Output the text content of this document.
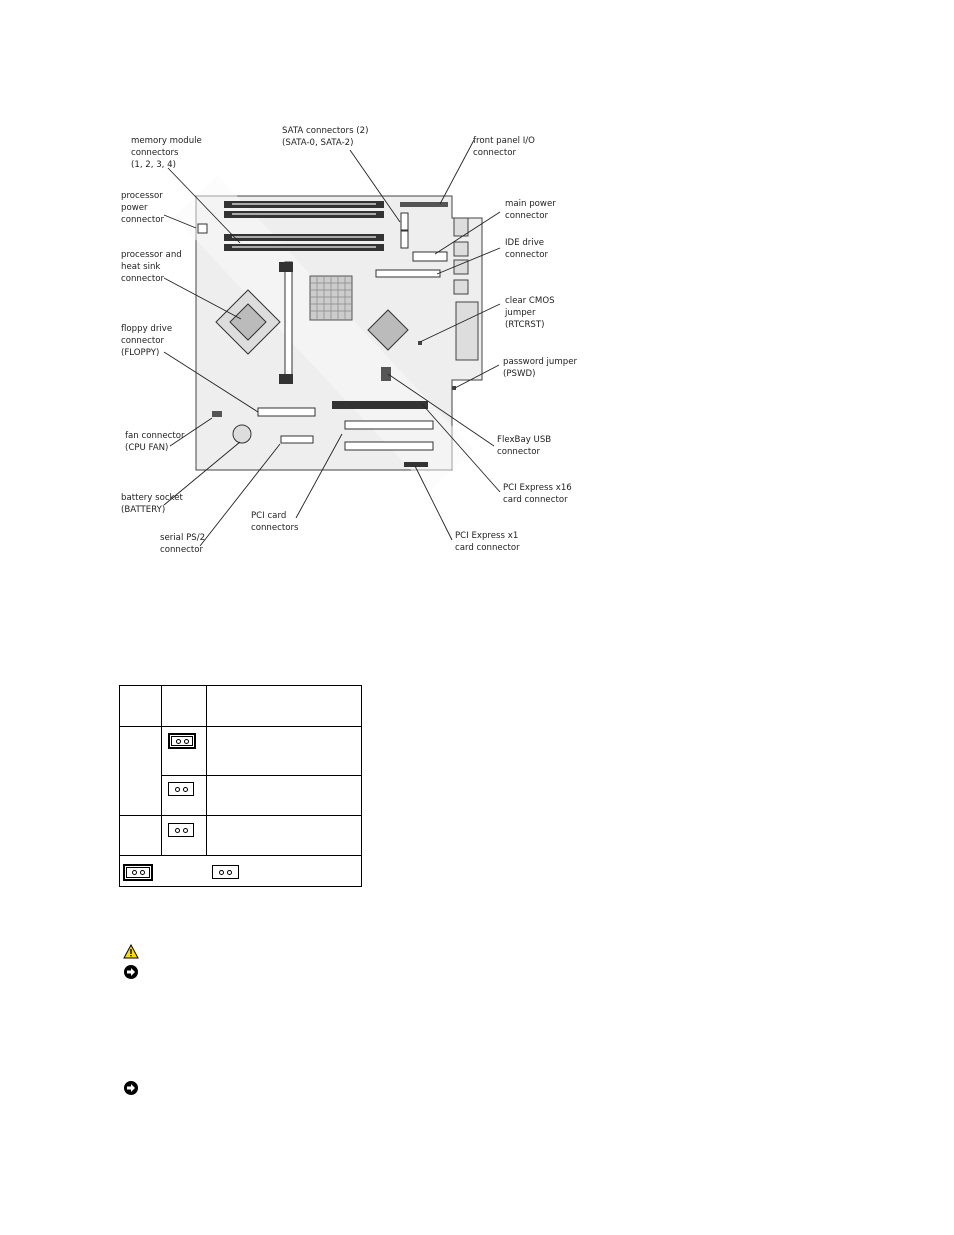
memory module
connectors
(1, 2, 3, 4)
processor
power
connector
processor and
heat sink
connector
floppy drive
connector
(FLOPPY)
fan connector
(CPU FAN)
battery socket
(BATTERY)
serial PS/2
connector
PCI card
connectors
SATA connectors (2)
(SATA-0, SATA-2)	front panel I/O
connector
main power
connector
IDE drive
connector
clear CMOS
jumper
(RTCRST)
password jumper
(PSWD)
FlexBay USB
connector
PCI Express x16
card connector
PCI Express x1
card connector
